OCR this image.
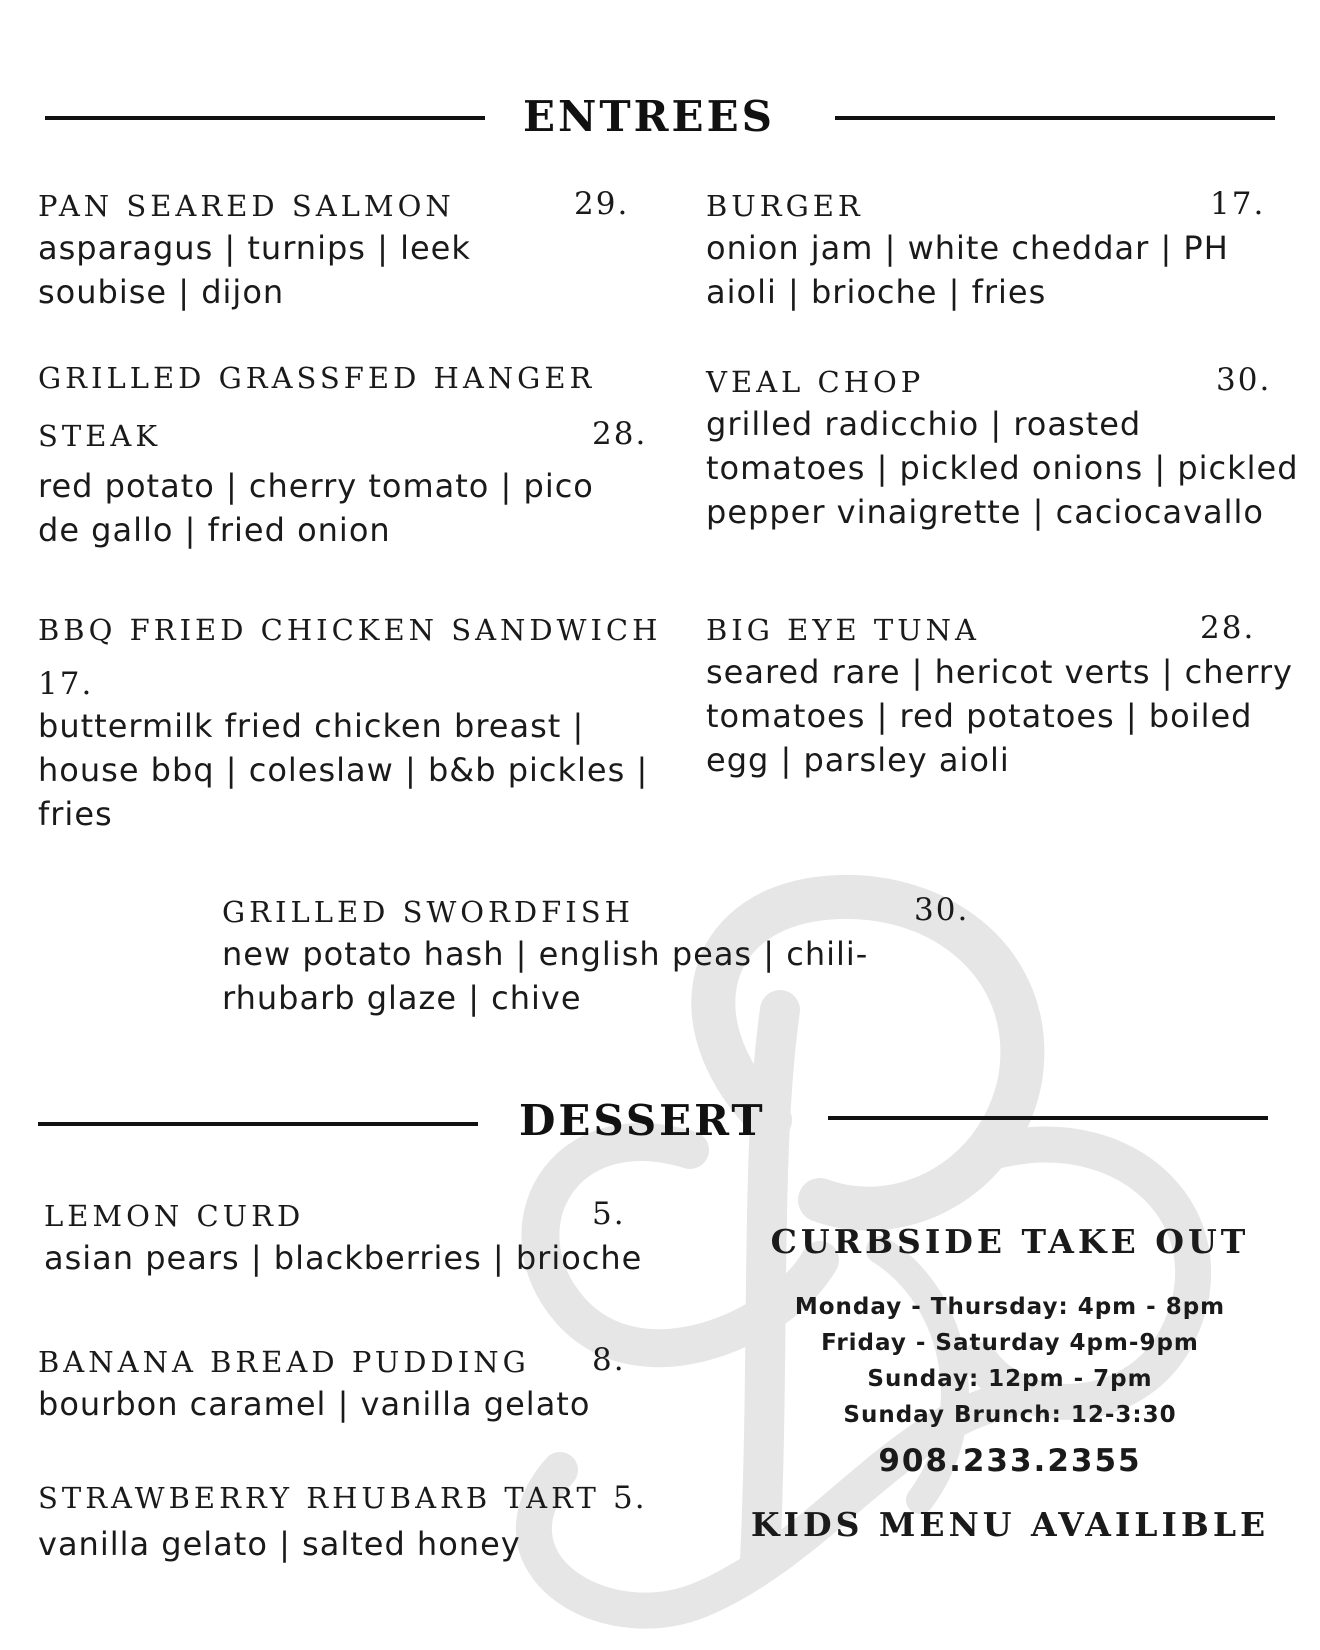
ENTREES
PAN SEARED SALMON	29.
asparagus | turnips | leek soubise | dijon
BURGER	17.
onion jam | white cheddar | PH aioli | brioche | fries
GRILLED GRASSFED HANGER
STEAK	28.
red potato | cherry tomato | pico de gallo | fried onion
VEAL CHOP	30.
grilled radicchio | roasted tomatoes | pickled onions | pickled pepper vinaigrette | caciocavallo
BBQ FRIED CHICKEN SANDWICH
17.
buttermilk fried chicken breast | house bbq | coleslaw | b&b pickles | fries
BIG EYE TUNA	28.
seared rare | hericot verts | cherry tomatoes | red potatoes | boiled egg | parsley aioli
GRILLED SWORDFISH	30.
new potato hash | english peas | chili-rhubarb glaze | chive
DESSERT
LEMON CURD	5.
asian pears | blackberries | brioche
BANANA BREAD PUDDING	8.
bourbon caramel | vanilla gelato
STRAWBERRY RHUBARB TART 5.
vanilla gelato | salted honey
CURBSIDE TAKE OUT
Monday - Thursday: 4pm - 8pm
Friday - Saturday 4pm-9pm
Sunday: 12pm - 7pm
Sunday Brunch: 12-3:30
908.233.2355
KIDS MENU AVAILIBLE
